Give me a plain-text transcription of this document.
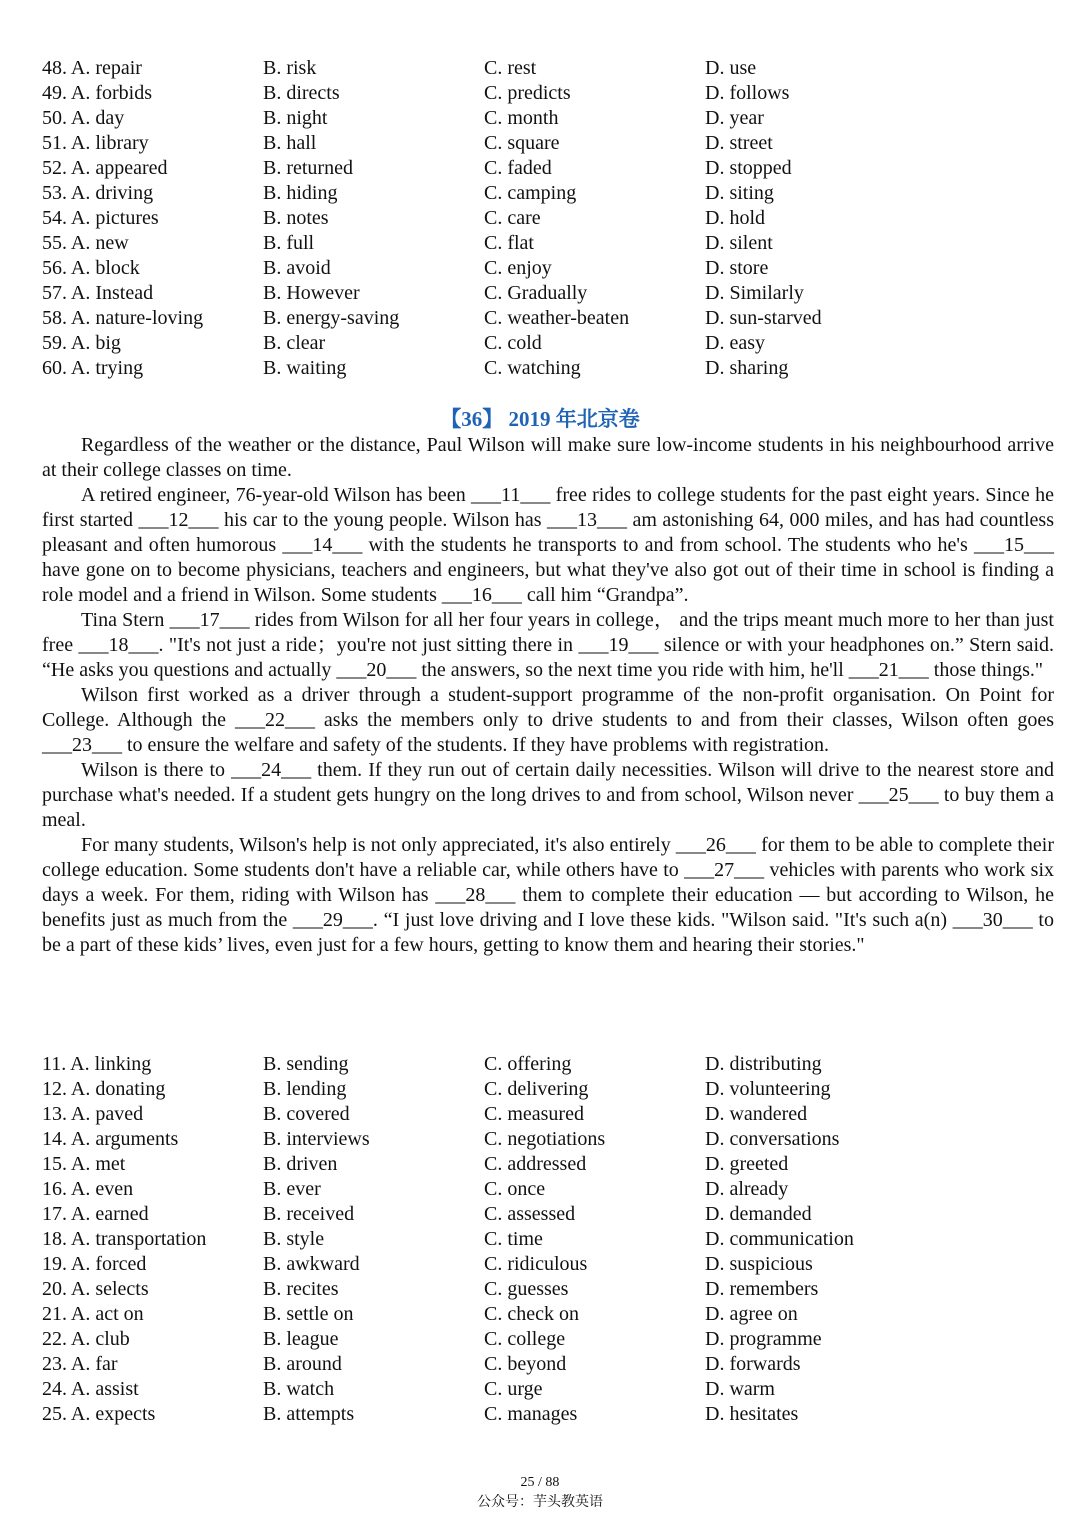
48. A. repair	B. risk	C. rest	D. use
49. A. forbids	B. directs	C. predicts	D. follows
50. A. day	B. night	C. month	D. year
51. A. library	B. hall	C. square	D. street
52. A. appeared	B. returned	C. faded	D. stopped
53. A. driving	B. hiding	C. camping	D. siting
54. A. pictures	B. notes	C. care	D. hold
55. A. new	B. full	C. flat	D. silent
56. A. block	B. avoid	C. enjoy	D. store
57. A. Instead	B. However	C. Gradually	D. Similarly
58. A. nature-loving	B. energy-saving	C. weather-beaten	D. sun-starved
59. A. big	B. clear	C. cold	D. easy
60. A. trying	B. waiting	C. watching	D. sharing
【36】 2019 年北京卷

Regardless of the weather or the distance, Paul Wilson will make sure low-income students in his neighbourhood arrive at their college classes on time.

A retired engineer, 76-year-old Wilson has been ___11___ free rides to college students for the past eight years. Since he first started ___12___ his car to the young people. Wilson has ___13___ am astonishing 64, 000 miles, and has had countless pleasant and often humorous ___14___ with the students he transports to and from school. The students who he's ___15___ have gone on to become physicians, teachers and engineers, but what they've also got out of their time in school is finding a role model and a friend in Wilson. Some students ___16___ call him “Grandpa”.

Tina Stern ___17___ rides from Wilson for all her four years in college， and the trips meant much more to her than just free ___18___. "It's not just a ride；you're not just sitting there in ___19___ silence or with your headphones on.” Stern said. “He asks you questions and actually ___20___ the answers, so the next time you ride with him, he'll ___21___ those things."

Wilson first worked as a driver through a student-support programme of the non-profit organisation. On Point for College. Although the ___22___ asks the members only to drive students to and from their classes, Wilson often goes ___23___ to ensure the welfare and safety of the students. If they have problems with registration.

Wilson is there to ___24___ them. If they run out of certain daily necessities. Wilson will drive to the nearest store and purchase what's needed. If a student gets hungry on the long drives to and from school, Wilson never ___25___ to buy them a meal.

For many students, Wilson's help is not only appreciated, it's also entirely ___26___ for them to be able to complete their college education. Some students don't have a reliable car, while others have to ___27___ vehicles with parents who work six days a week. For them, riding with Wilson has ___28___ them to complete their education — but according to Wilson, he benefits just as much from the ___29___. “I just love driving and I love these kids. "Wilson said. "It's such a(n) ___30___ to be a part of these kids’ lives, even just for a few hours, getting to know them and hearing their stories."

11. A. linking	B. sending	C. offering	D. distributing
12. A. donating	B. lending	C. delivering	D. volunteering
13. A. paved	B. covered	C. measured	D. wandered
14. A. arguments	B. interviews	C. negotiations	D. conversations
15. A. met	B. driven	C. addressed	D. greeted
16. A. even	B. ever	C. once	D. already
17. A. earned	B. received	C. assessed	D. demanded
18. A. transportation	B. style	C. time	D. communication
19. A. forced	B. awkward	C. ridiculous	D. suspicious
20. A. selects	B. recites	C. guesses	D. remembers
21. A. act on	B. settle on	C. check on	D. agree on
22. A. club	B. league	C. college	D. programme
23. A. far	B. around	C. beyond	D. forwards
24. A. assist	B. watch	C. urge	D. warm
25. A. expects	B. attempts	C. manages	D. hesitates
25 / 88
公众号：芋头教英语
